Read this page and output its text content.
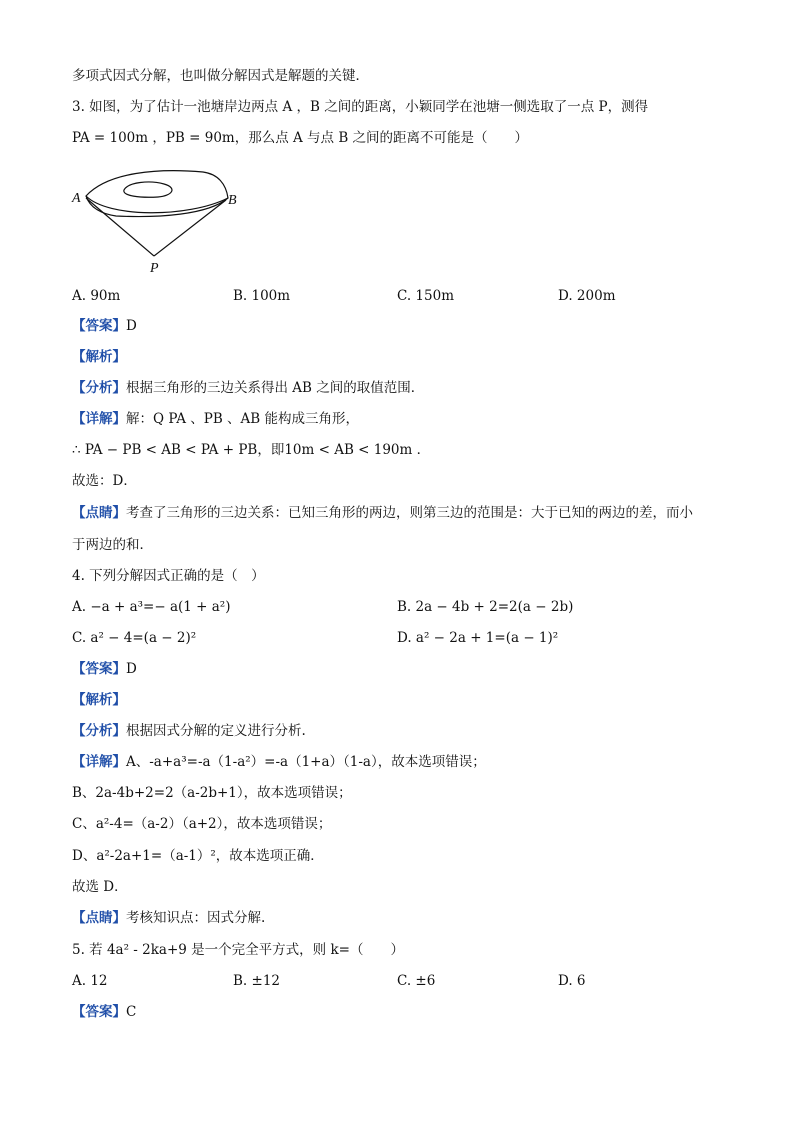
多项式因式分解，也叫做分解因式是解题的关键．
3. 如图，为了估计一池塘岸边两点 A ，B 之间的距离，小颖同学在池塘一侧选取了一点 P，测得
PA = 100m ，PB = 90m，那么点 A 与点 B 之间的距离不可能是（　　）
A	B
P
A. 90m	B. 100m	C. 150m	D. 200m
【答案】D
【解析】
【分析】根据三角形的三边关系得出 AB 之间的取值范围．
【详解】解：Q PA 、PB 、AB 能构成三角形，
∴ PA − PB < AB < PA + PB，即10m < AB < 190m ．
故选：D．
【点睛】考查了三角形的三边关系：已知三角形的两边，则第三边的范围是：大于已知的两边的差，而小
于两边的和．
4. 下列分解因式正确的是（　）
A. −a + a³=− a(1 + a²)	B. 2a − 4b + 2=2(a − 2b)
C. a² − 4=(a − 2)²	D. a² − 2a + 1=(a − 1)²
【答案】D
【解析】
【分析】根据因式分解的定义进行分析.
【详解】A、-a+a³=-a（1-a²）=-a（1+a）（1-a），故本选项错误；
B、2a-4b+2=2（a-2b+1），故本选项错误；
C、a²-4=（a-2）（a+2），故本选项错误；
D、a²-2a+1=（a-1）²，故本选项正确．
故选 D．
【点睛】考核知识点：因式分解.
5. 若 4a² - 2ka+9 是一个完全平方式，则 k=（　　）
A. 12	B. ±12	C. ±6	D. 6
【答案】C
